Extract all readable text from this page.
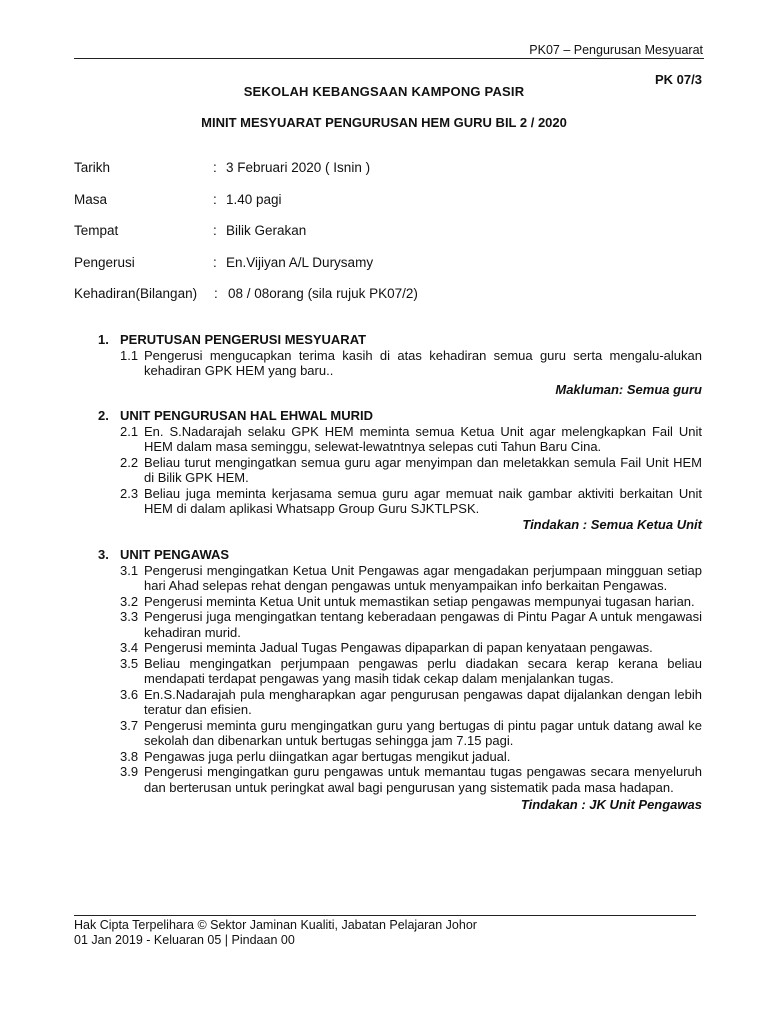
PK07 – Pengurusan Mesyuarat
PK 07/3
SEKOLAH KEBANGSAAN KAMPONG PASIR
MINIT MESYUARAT PENGURUSAN HEM GURU BIL 2 / 2020
Tarikh	: 3 Februari 2020 ( Isnin )
Masa	: 1.40 pagi
Tempat	: Bilik Gerakan
Pengerusi	: En.Vijiyan A/L Durysamy
Kehadiran(Bilangan) : 08 / 08orang (sila rujuk PK07/2)
1. PERUTUSAN PENGERUSI MESYUARAT
1.1 Pengerusi mengucapkan terima kasih di atas kehadiran semua guru serta mengalu-alukan kehadiran GPK HEM yang baru..
Makluman: Semua guru
2. UNIT PENGURUSAN HAL EHWAL MURID
2.1 En. S.Nadarajah selaku GPK HEM meminta semua Ketua Unit agar melengkapkan Fail Unit HEM dalam masa seminggu, selewat-lewatntnya selepas cuti Tahun Baru Cina.
2.2 Beliau turut mengingatkan semua guru agar menyimpan dan meletakkan semula Fail Unit HEM di Bilik GPK HEM.
2.3 Beliau juga meminta kerjasama semua guru agar memuat naik gambar aktiviti berkaitan Unit HEM di dalam aplikasi Whatsapp Group Guru SJKTLPSK.
Tindakan : Semua Ketua Unit
3. UNIT PENGAWAS
3.1 Pengerusi mengingatkan Ketua Unit Pengawas agar mengadakan perjumpaan mingguan setiap hari Ahad selepas rehat dengan pengawas untuk menyampaikan info berkaitan Pengawas.
3.2 Pengerusi meminta Ketua Unit untuk memastikan setiap pengawas mempunyai tugasan harian.
3.3 Pengerusi juga mengingatkan tentang keberadaan pengawas di Pintu Pagar A untuk mengawasi kehadiran murid.
3.4 Pengerusi meminta Jadual Tugas Pengawas dipaparkan di papan kenyataan pengawas.
3.5 Beliau mengingatkan perjumpaan pengawas perlu diadakan secara kerap kerana beliau mendapati terdapat pengawas yang masih tidak cekap dalam menjalankan tugas.
3.6 En.S.Nadarajah pula mengharapkan agar pengurusan pengawas dapat dijalankan dengan lebih teratur dan efisien.
3.7 Pengerusi meminta guru mengingatkan guru yang bertugas di pintu pagar untuk datang awal ke sekolah dan dibenarkan untuk bertugas sehingga jam 7.15 pagi.
3.8 Pengawas juga perlu diingatkan agar bertugas mengikut jadual.
3.9 Pengerusi mengingatkan guru pengawas untuk memantau tugas pengawas secara menyeluruh dan berterusan untuk peringkat awal bagi pengurusan yang sistematik pada masa hadapan.
Tindakan : JK Unit Pengawas
Hak Cipta Terpelihara © Sektor Jaminan Kualiti, Jabatan Pelajaran Johor
01 Jan 2019 - Keluaran 05 | Pindaan 00
